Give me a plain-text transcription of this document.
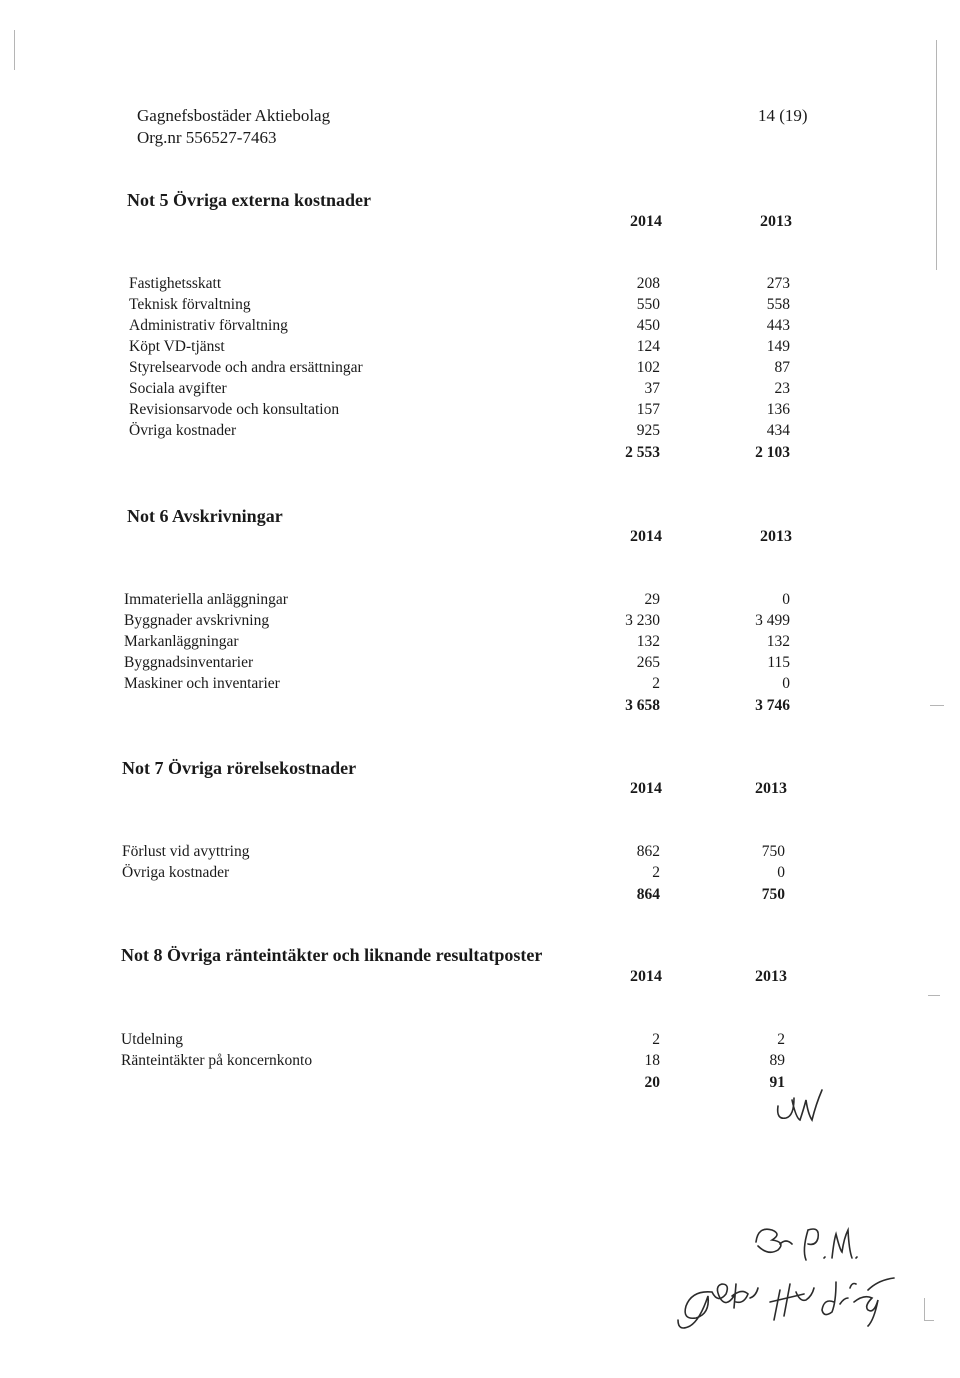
Gagnefsbostäder Aktiebolag
Org.nr 556527-7463
14 (19)
Not 5 Övriga externa kostnader
2014	2013
Fastighetsskatt	208	273
Teknisk förvaltning	550	558
Administrativ förvaltning	450	443
Köpt VD-tjänst	124	149
Styrelsearvode och andra ersättningar	102	87
Sociala avgifter	37	23
Revisionsarvode och konsultation	157	136
Övriga kostnader	925	434
2 553	2 103
Not 6 Avskrivningar
2014	2013
Immateriella anläggningar	29	0
Byggnader avskrivning	3 230	3 499
Markanläggningar	132	132
Byggnadsinventarier	265	115
Maskiner och inventarier	2	0
3 658	3 746
Not 7 Övriga rörelsekostnader
2014	2013
Förlust vid avyttring	862	750
Övriga kostnader	2	0
864	750
Not 8 Övriga ränteintäkter och liknande resultatposter
2014	2013
Utdelning	2	2
Ränteintäkter på koncernkonto	18	89
20	91
